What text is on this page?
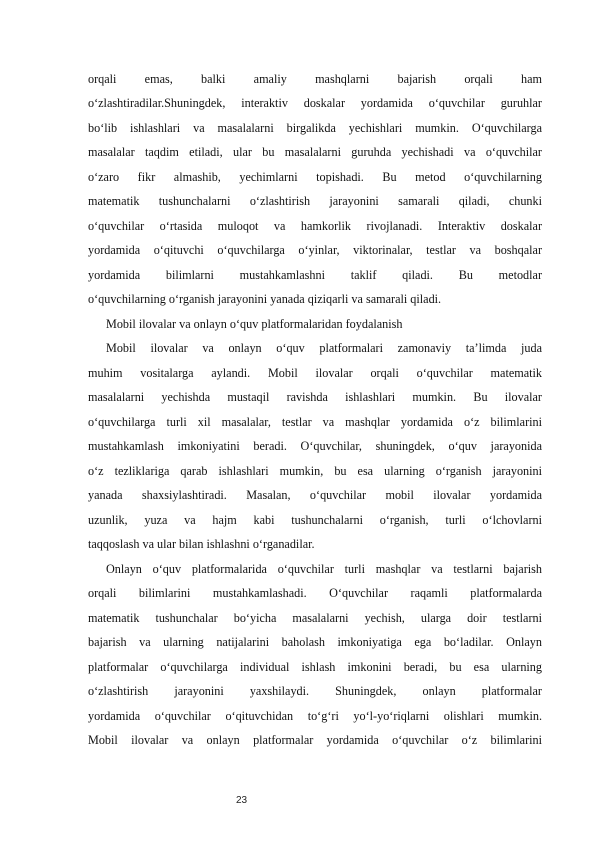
orqali emas, balki amaliy mashqlarni bajarish orqali ham
o‘zlashtiradilar.Shuningdek, interaktiv doskalar yordamida o‘quvchilar guruhlar
bo‘lib ishlashlari va masalalarni birgalikda yechishlari mumkin. O‘quvchilarga
masalalar taqdim etiladi, ular bu masalalarni guruhda yechishadi va o‘quvchilar
o‘zaro fikr almashib, yechimlarni topishadi. Bu metod o‘quvchilarning
matematik tushunchalarni o‘zlashtirish jarayonini samarali qiladi, chunki
o‘quvchilar o‘rtasida muloqot va hamkorlik rivojlanadi. Interaktiv doskalar
yordamida o‘qituvchi o‘quvchilarga o‘yinlar, viktorinalar, testlar va boshqalar
yordamida bilimlarni mustahkamlashni taklif qiladi. Bu metodlar
o‘quvchilarning o‘rganish jarayonini yanada qiziqarli va samarali qiladi.
Mobil ilovalar va onlayn o‘quv platformalaridan foydalanish
Mobil ilovalar va onlayn o‘quv platformalari zamonaviy ta’limda juda
muhim vositalarga aylandi. Mobil ilovalar orqali o‘quvchilar matematik
masalalarni yechishda mustaqil ravishda ishlashlari mumkin. Bu ilovalar
o‘quvchilarga turli xil masalalar, testlar va mashqlar yordamida o‘z bilimlarini
mustahkamlash imkoniyatini beradi. O‘quvchilar, shuningdek, o‘quv jarayonida
o‘z tezliklariga qarab ishlashlari mumkin, bu esa ularning o‘rganish jarayonini
yanada shaxsiylashtiradi. Masalan, o‘quvchilar mobil ilovalar yordamida
uzunlik, yuza va hajm kabi tushunchalarni o‘rganish, turli o‘lchovlarni
taqqoslash va ular bilan ishlashni o‘rganadilar.
Onlayn o‘quv platformalarida o‘quvchilar turli mashqlar va testlarni bajarish
orqali bilimlarini mustahkamlashadi. O‘quvchilar raqamli platformalarda
matematik tushunchalar bo‘yicha masalalarni yechish, ularga doir testlarni
bajarish va ularning natijalarini baholash imkoniyatiga ega bo‘ladilar. Onlayn
platformalar o‘quvchilarga individual ishlash imkonini beradi, bu esa ularning
o‘zlashtirish jarayonini yaxshilaydi. Shuningdek, onlayn platformalar
yordamida o‘quvchilar o‘qituvchidan to‘g‘ri yo‘l-yo‘riqlarni olishlari mumkin.
Mobil ilovalar va onlayn platformalar yordamida o‘quvchilar o‘z bilimlarini
23
